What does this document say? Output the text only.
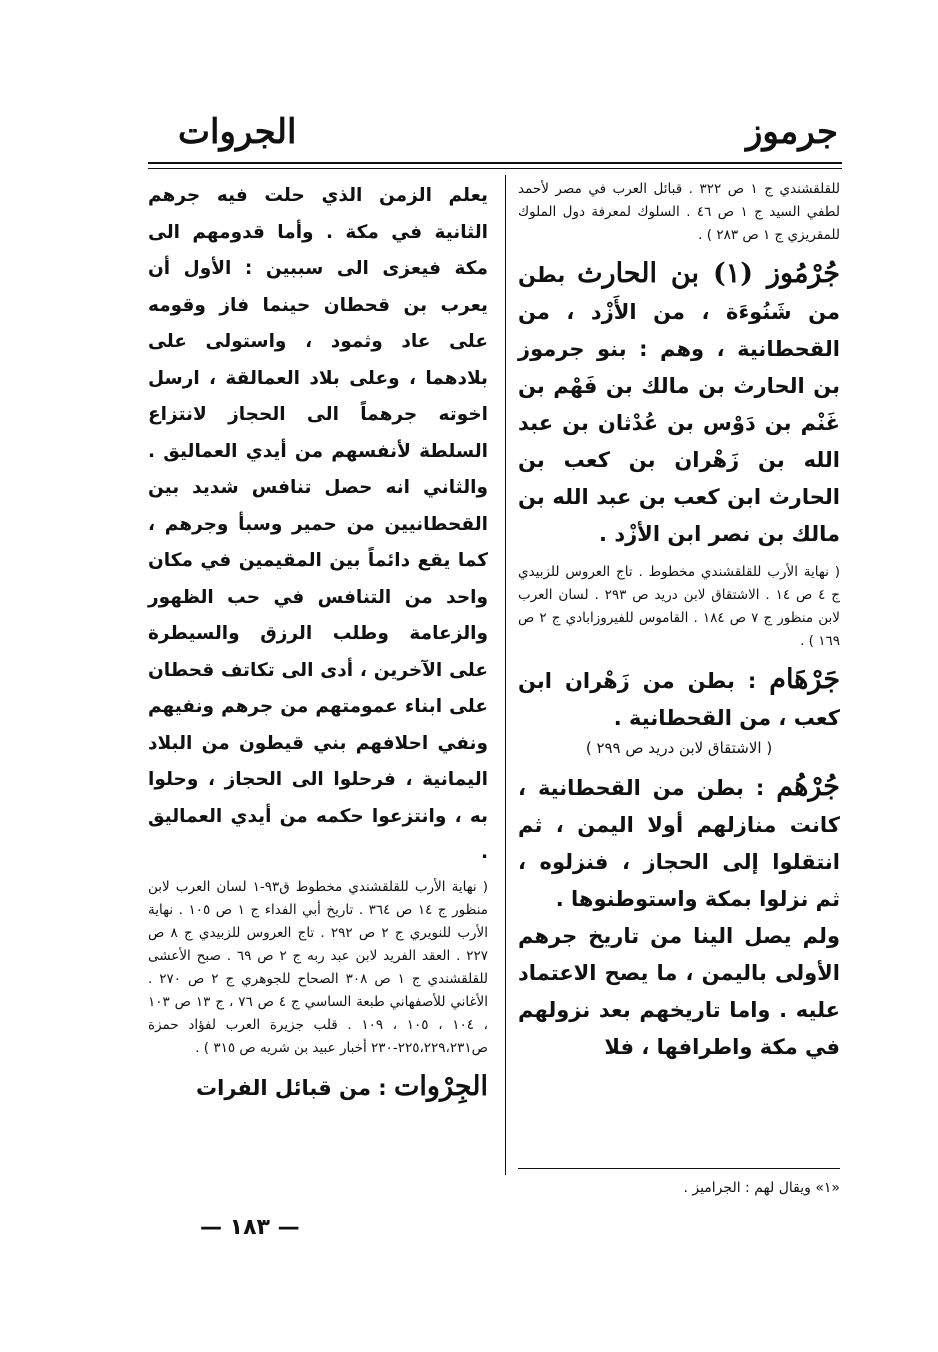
جرموز
الجروات

للقلقشندي ج ١ ص ٣٢٢ . قبائل العرب في مصر لأحمد لطفي السيد ج ١ ص ٤٦ . السلوك لمعرفة دول الملوك للمقريزي ج ١ ص ٢٨٣ ) .

جُرْمُوز (١) بن الحارث بطن من شَنُوءَة ، من الأَزْد ، من القحطانية ، وهم : بنو جرموز بن الحارث بن مالك بن فَهْم بن غَنْم بن دَوْس بن عُدْثان بن عبد الله بن زَهْران بن كعب بن الحارث ابن كعب بن عبد الله بن مالك بن نصر ابن الأزْد .

( نهاية الأرب للقلقشندي مخطوط . تاج العروس للزبيدي ج ٤ ص ١٤ . الاشتقاق لابن دريد ص ٢٩٣ . لسان العرب لابن منظور ج ٧ ص ١٨٤ . القاموس للفيروزابادي ج ٢ ص ١٦٩ ) .

جَرْهَام : بطن من زَهْران ابن كعب ، من القحطانية .

( الاشتقاق لابن دريد ص ٢٩٩ )

جُرْهُم : بطن من القحطانية ، كانت منازلهم أولا اليمن ، ثم انتقلوا إلى الحجاز ، فنزلوه ، ثم نزلوا بمكة واستوطنوها .

ولم يصل الينا من تاريخ جرهم الأولى باليمن ، ما يصح الاعتماد عليه . واما تاريخهم بعد نزولهم في مكة واطرافها ، فلا

يعلم الزمن الذي حلت فيه جرهم الثانية في مكة . وأما قدومهم الى مكة فيعزى الى سببين : الأول أن يعرب بن قحطان حينما فاز وقومه على عاد وثمود ، واستولى على بلادهما ، وعلى بلاد العمالقة ، ارسل اخوته جرهماً الى الحجاز لانتزاع السلطة لأنفسهم من أيدي العماليق . والثاني انه حصل تنافس شديد بين القحطانيين من حمير وسبأ وجرهم ، كما يقع دائماً بين المقيمين في مكان واحد من التنافس في حب الظهور والزعامة وطلب الرزق والسيطرة على الآخرين ، أدى الى تكاتف قحطان على ابناء عمومتهم من جرهم ونفيهم ونفي احلافهم بني قيطون من البلاد اليمانية ، فرحلوا الى الحجاز ، وحلوا به ، وانتزعوا حكمه من أيدي العماليق .

( نهاية الأرب للقلقشندي مخطوط ق٩٣-١ لسان العرب لابن منظور ج ١٤ ص ٣٦٤ . تاريخ أبي الفداء ج ١ ص ١٠٥ . نهاية الأرب للنويري ج ٢ ص ٢٩٢ . تاج العروس للزبيدي ج ٨ ص ٢٢٧ . العقد الفريد لابن عبد ربه ج ٢ ص ٦٩ . صبح الأعشى للقلقشندي ج ١ ص ٣٠٨ الصحاح للجوهري ج ٢ ص ٢٧٠ . الأغاني للأصفهاني طبعة الساسي ج ٤ ص ٧٦ ، ج ١٣ ص ١٠٣ ، ١٠٤ ، ١٠٥ ، ١٠٩ . قلب جزيرة العرب لفؤاد حمزة ص٢٢٥،٢٢٩،٢٣١-٢٣٠ أخبار عبيد بن شريه ص ٣١٥ ) .

الجِرْوات : من قبائل الفرات

«١» ويقال لهم : الجراميز .
— ١٨٣ —
